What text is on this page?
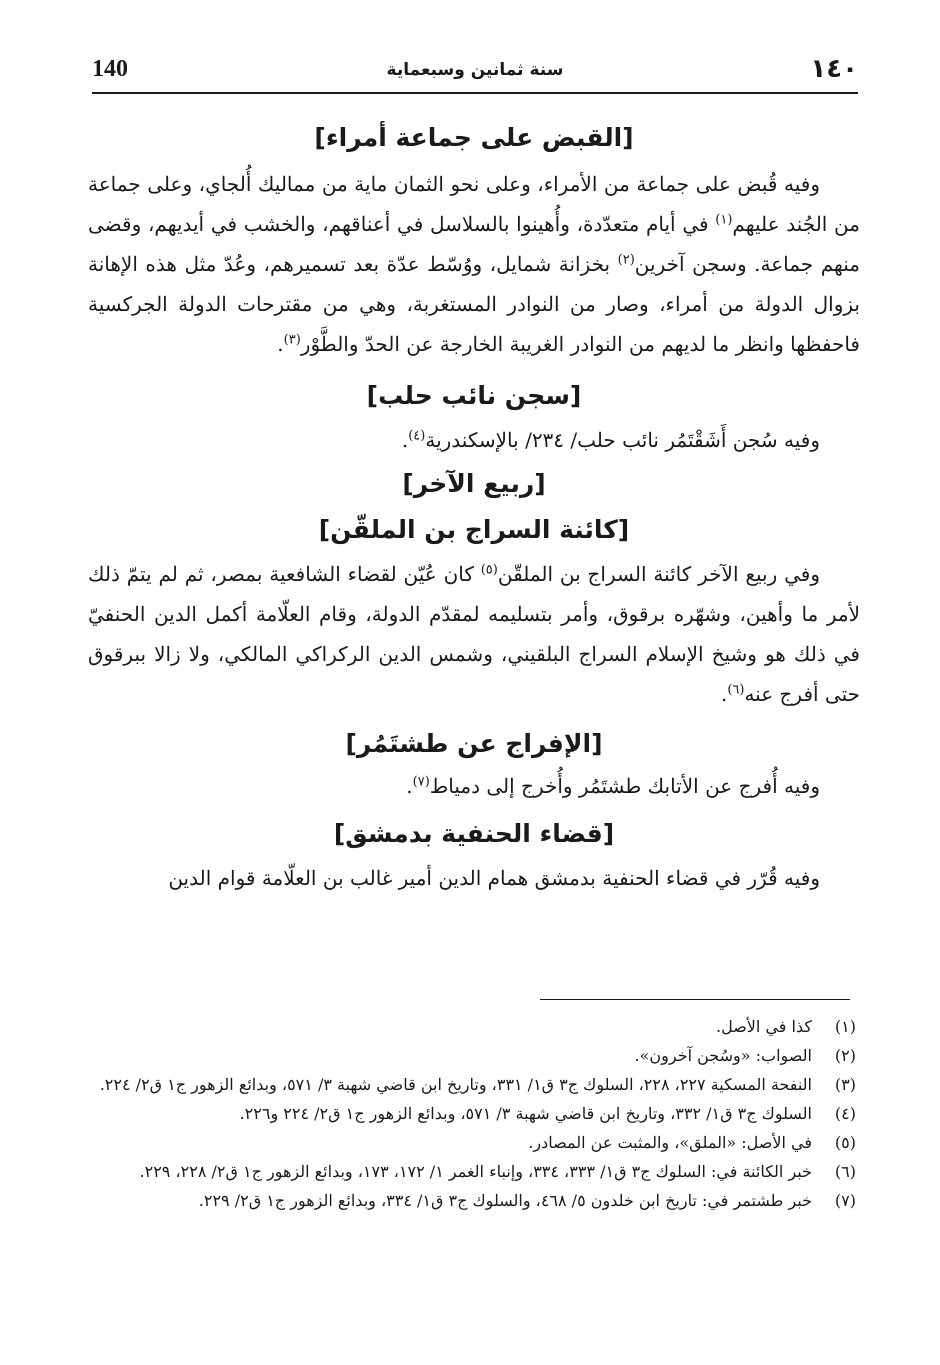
140	سنة ثمانين وسبعماية	١٤٠
[القبض على جماعة أمراء]

وفيه قُبض على جماعة من الأمراء، وعلى نحو الثمان ماية من مماليك أُلجاي، وعلى جماعة من الجُند عليهم$^{(١)}$ في أيام متعدّدة، وأُهينوا بالسلاسل في أعناقهم، والخشب في أيديهم، وقضى منهم جماعة. وسجن آخرين$^{(٢)}$ بخزانة شمايل، ووُسّط عدّة بعد تسميرهم، وعُدّ مثل هذه الإهانة بزوال الدولة من أمراء، وصار من النوادر المستغربة، وهي من مقترحات الدولة الجركسية فاحفظها وانظر ما لديهم من النوادر الغريبة الخارجة عن الحدّ والطَّوْر$^{(٣)}$.

[سجن نائب حلب]

وفيه سُجن أَشَقْتَمُر نائب حلب/ ٢٣٤/ بالإسكندرية$^{(٤)}$.

[ربيع الآخر]
[كائنة السراج بن الملقّن]

وفي ربيع الآخر كائنة السراج بن الملقّن$^{(٥)}$ كان عُيّن لقضاء الشافعية بمصر، ثم لم يتمّ ذلك لأمر ما وأهين، وشهّره برقوق، وأمر بتسليمه لمقدّم الدولة، وقام العلّامة أكمل الدين الحنفيّ في ذلك هو وشيخ الإسلام السراج البلقيني، وشمس الدين الركراكي المالكي، ولا زالا ببرقوق حتى أفرج عنه$^{(٦)}$.

[الإفراج عن طشتَمُر]

وفيه أُفرج عن الأتابك طشتَمُر وأُخرج إلى دمياط$^{(٧)}$.

[قضاء الحنفية بدمشق]

وفيه قُرّر في قضاء الحنفية بدمشق همام الدين أمير غالب بن العلّامة قوام الدين

(١)
كذا في الأصل.
(٢)
الصواب: «وسُجن آخرون».
(٣)
النفحة المسكية ٢٢٧، ٢٢٨، السلوك ج٣ ق١/ ٣٣١، وتاريخ ابن قاضي شهبة ٣/ ٥٧١، وبدائع الزهور ج١ ق٢/ ٢٢٤.
(٤)
السلوك ج٣ ق١/ ٣٣٢، وتاريخ ابن قاضي شهبة ٣/ ٥٧١، وبدائع الزهور ج١ ق٢/ ٢٢٤ و٢٢٦.
(٥)
في الأصل: «الملق»، والمثبت عن المصادر.
(٦)
خبر الكائنة في: السلوك ج٣ ق١/ ٣٣٣، ٣٣٤، وإنباء الغمر ١/ ١٧٢، ١٧٣، وبدائع الزهور ج١ ق٢/ ٢٢٨، ٢٢٩.
(٧)
خبر طشتمر في: تاريخ ابن خلدون ٥/ ٤٦٨، والسلوك ج٣ ق١/ ٣٣٤، وبدائع الزهور ج١ ق٢/ ٢٢٩.
